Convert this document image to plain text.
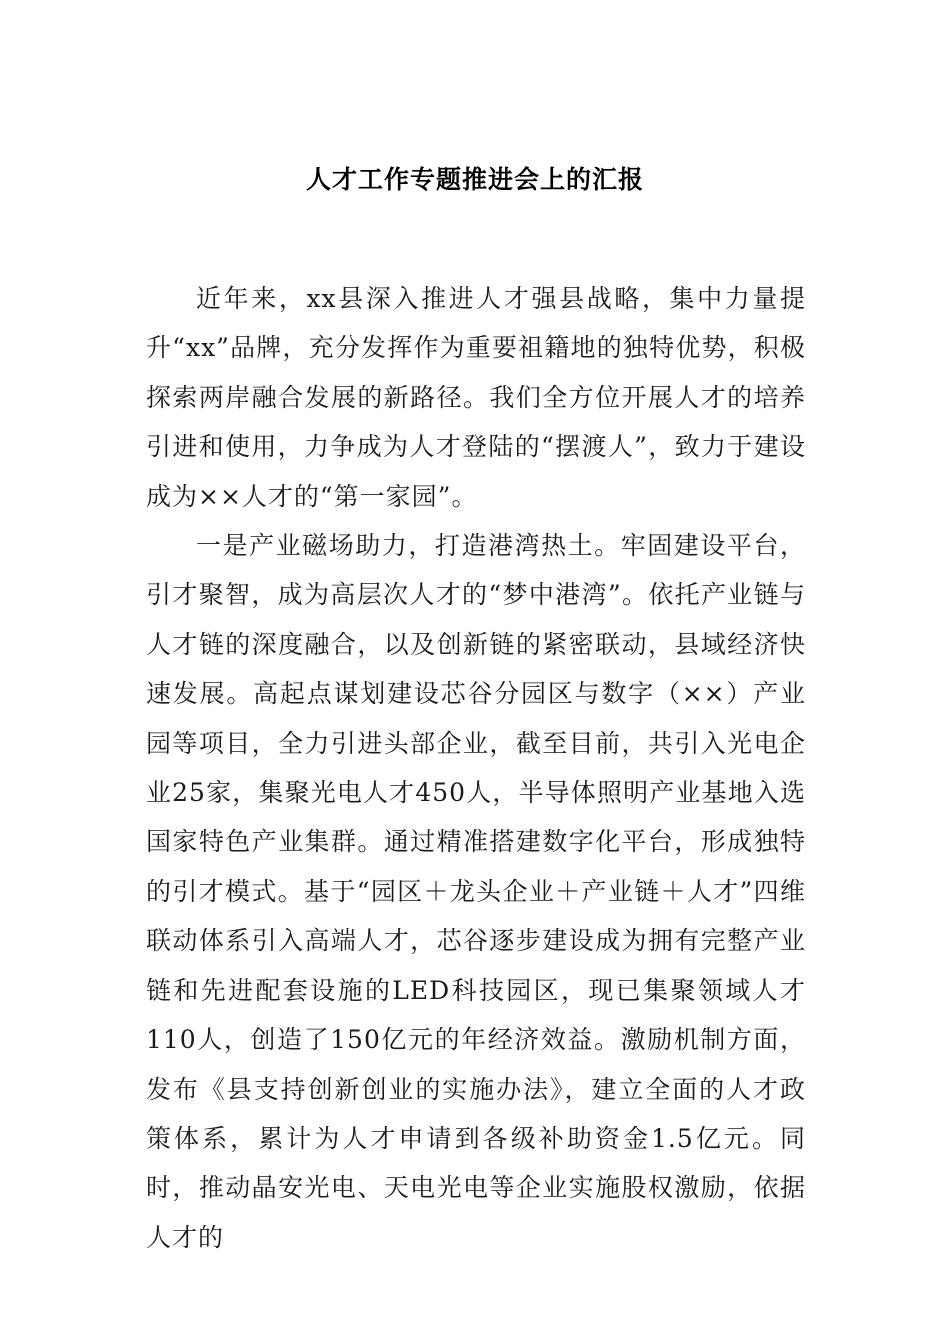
人才工作专题推进会上的汇报

近年来，xx县深入推进人才强县战略，集中力量提升“xx”品牌，充分发挥作为重要祖籍地的独特优势，积极探索两岸融合发展的新路径。我们全方位开展人才的培养引进和使用，力争成为人才登陆的“摆渡人”，致力于建设成为××人才的“第一家园”。

一是产业磁场助力，打造港湾热土。牢固建设平台，引才聚智，成为高层次人才的“梦中港湾”。依托产业链与人才链的深度融合，以及创新链的紧密联动，县域经济快速发展。高起点谋划建设芯谷分园区与数字（××）产业园等项目，全力引进头部企业，截至目前，共引入光电企业25家，集聚光电人才450人，半导体照明产业基地入选国家特色产业集群。通过精准搭建数字化平台，形成独特的引才模式。基于“园区＋龙头企业＋产业链＋人才”四维联动体系引入高端人才，芯谷逐步建设成为拥有完整产业链和先进配套设施的LED科技园区，现已集聚领域人才110人，创造了150亿元的年经济效益。激励机制方面，发布《县支持创新创业的实施办法》，建立全面的人才政策体系，累计为人才申请到各级补助资金1.5亿元。同时，推动晶安光电、天电光电等企业实施股权激励，依据人才的
